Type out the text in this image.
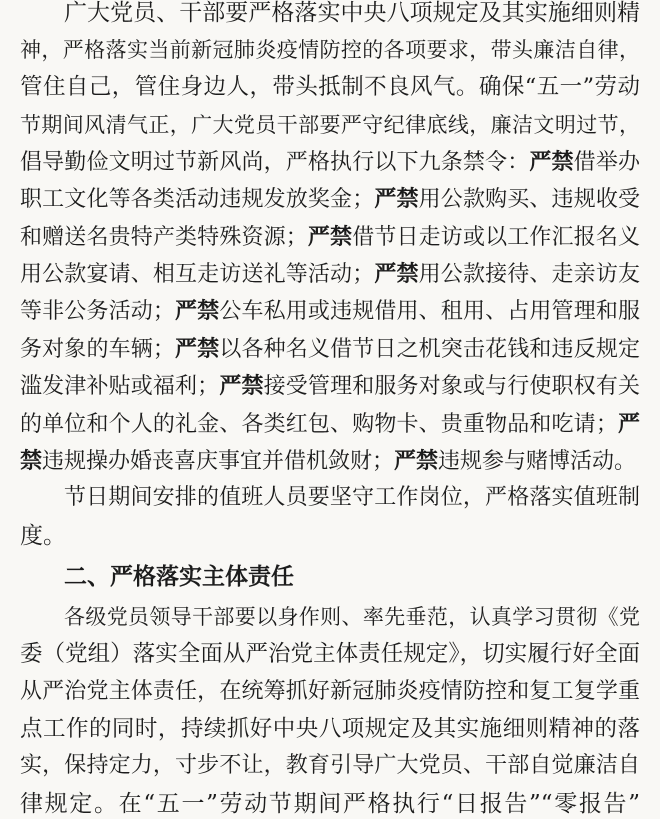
广大党员、干部要严格落实中央八项规定及其实施细则精
神，严格落实当前新冠肺炎疫情防控的各项要求，带头廉洁自律，
管住自己，管住身边人，带头抵制不良风气。确保“五一”劳动
节期间风清气正，广大党员干部要严守纪律底线，廉洁文明过节，
倡导勤俭文明过节新风尚，严格执行以下九条禁令：严禁借举办
职工文化等各类活动违规发放奖金；严禁用公款购买、违规收受
和赠送名贵特产类特殊资源；严禁借节日走访或以工作汇报名义
用公款宴请、相互走访送礼等活动；严禁用公款接待、走亲访友
等非公务活动；严禁公车私用或违规借用、租用、占用管理和服
务对象的车辆；严禁以各种名义借节日之机突击花钱和违反规定
滥发津补贴或福利；严禁接受管理和服务对象或与行使职权有关
的单位和个人的礼金、各类红包、购物卡、贵重物品和吃请；严
禁违规操办婚丧喜庆事宜并借机敛财；严禁违规参与赌博活动。
节日期间安排的值班人员要坚守工作岗位，严格落实值班制
度。
二、严格落实主体责任
各级党员领导干部要以身作则、率先垂范，认真学习贯彻《党
委（党组）落实全面从严治党主体责任规定》，切实履行好全面
从严治党主体责任，在统筹抓好新冠肺炎疫情防控和复工复学重
点工作的同时，持续抓好中央八项规定及其实施细则精神的落
实，保持定力，寸步不让，教育引导广大党员、干部自觉廉洁自
律规定。在“五一”劳动节期间严格执行“日报告”“零报告”
